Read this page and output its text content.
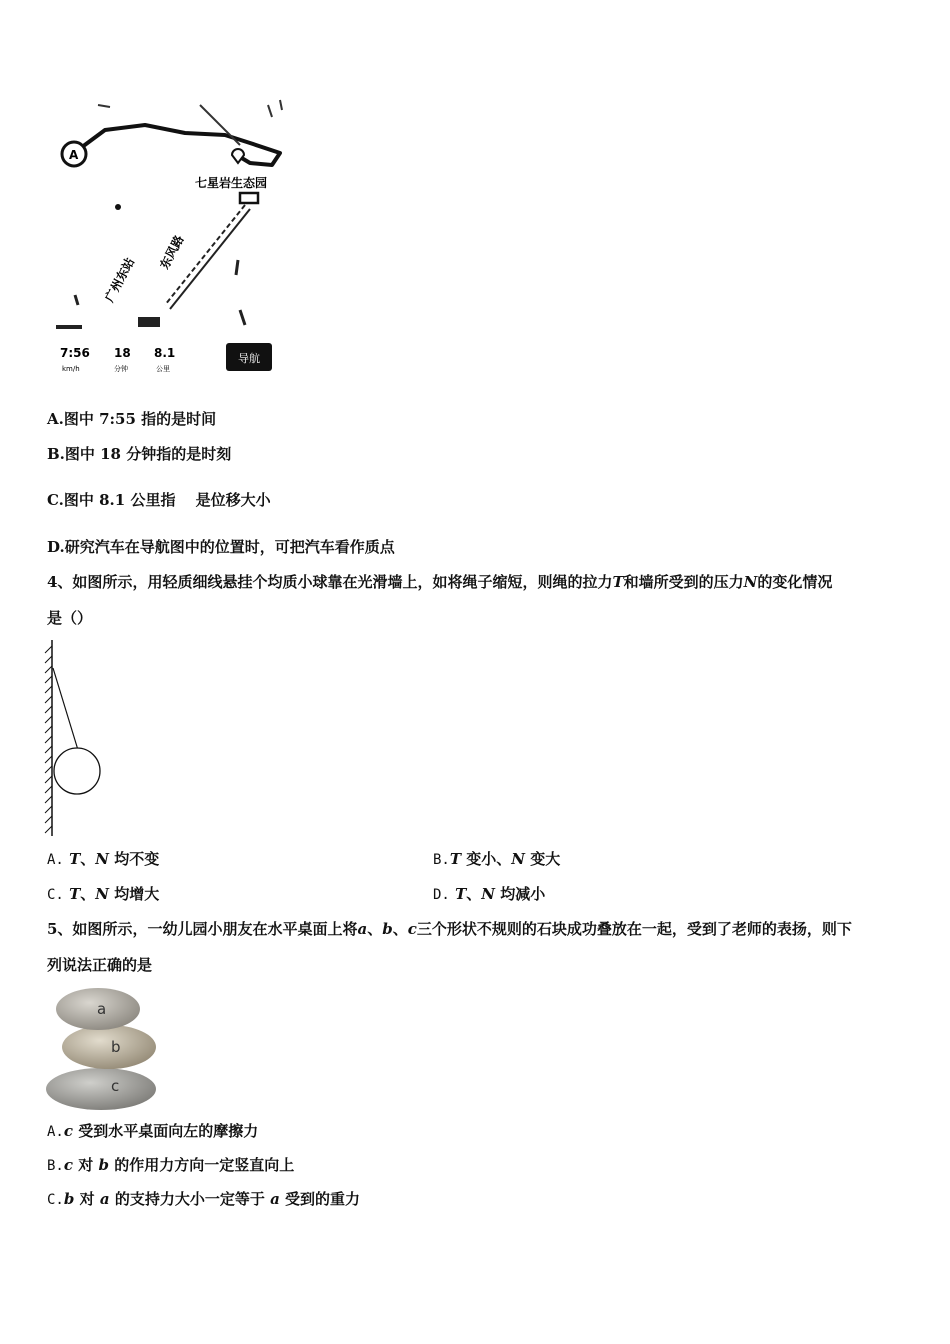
A
导航
七星岩生态园
广州东站
东风路
7:56
km/h
18
分钟
8.1
公里
A.图中 7:55 指的是时间
B.图中 18 分钟指的是时刻
C.图中 8.1 公里指　 是位移大小
D.研究汽车在导航图中的位置时，可把汽车看作质点
4、如图所示，用轻质细线悬挂个均质小球靠在光滑墙上，如将绳子缩短，则绳的拉力T和墙所受到的压力N的变化情况
是（）
A. T、N 均不变	B.T 变小、N 变大
C. T、N 均增大	D. T、N 均减小
5、如图所示，一幼儿园小朋友在水平桌面上将a、b、c三个形状不规则的石块成功叠放在一起，受到了老师的表扬，则下
列说法正确的是
a
b
c
A.c 受到水平桌面向左的摩擦力
B.c 对 b 的作用力方向一定竖直向上
C.b 对 a 的支持力大小一定等于 a 受到的重力
